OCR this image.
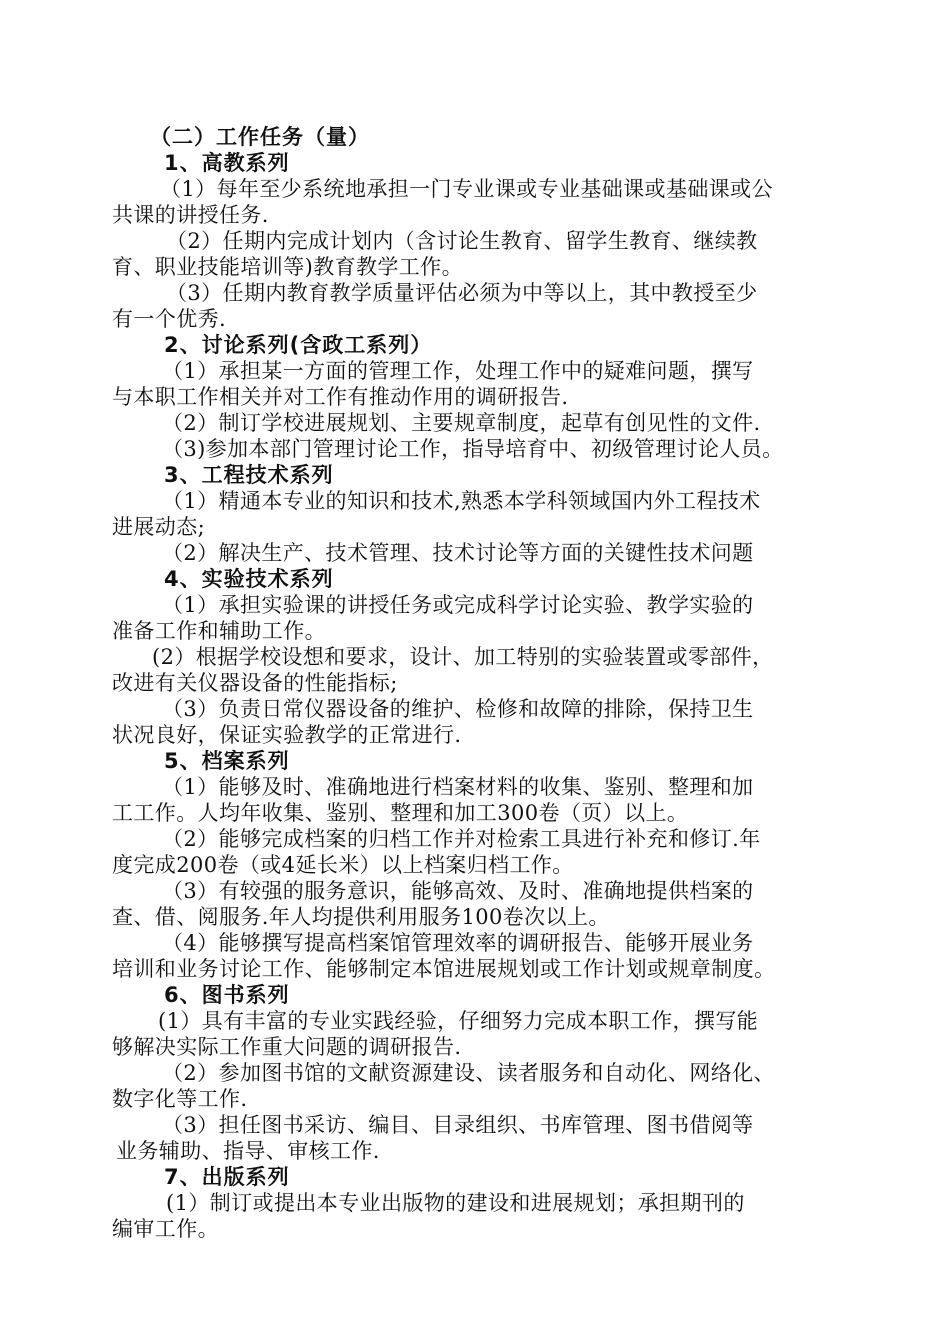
（二）工作任务（量）
1、高教系列
（1）每年至少系统地承担一门专业课或专业基础课或基础课或公
共课的讲授任务.
（2）任期内完成计划内（含讨论生教育、留学生教育、继续教
育、职业技能培训等)教育教学工作。
（3）任期内教育教学质量评估必须为中等以上，其中教授至少
有一个优秀.
2、讨论系列(含政工系列）
（1）承担某一方面的管理工作，处理工作中的疑难问题，撰写
与本职工作相关并对工作有推动作用的调研报告.
（2）制订学校进展规划、主要规章制度，起草有创见性的文件.
（3)参加本部门管理讨论工作，指导培育中、初级管理讨论人员。
3、工程技术系列
（1）精通本专业的知识和技术,熟悉本学科领域国内外工程技术
进展动态;
（2）解决生产、技术管理、技术讨论等方面的关键性技术问题
4、实验技术系列
（1）承担实验课的讲授任务或完成科学讨论实验、教学实验的
准备工作和辅助工作。
(2）根据学校设想和要求，设计、加工特别的实验装置或零部件，
改进有关仪器设备的性能指标;
（3）负责日常仪器设备的维护、检修和故障的排除，保持卫生
状况良好，保证实验教学的正常进行.
5、档案系列
（1）能够及时、准确地进行档案材料的收集、鉴别、整理和加
工工作。人均年收集、鉴别、整理和加工300卷（页）以上。
（2）能够完成档案的归档工作并对检索工具进行补充和修订.年
度完成200卷（或4延长米）以上档案归档工作。
（3）有较强的服务意识，能够高效、及时、准确地提供档案的
查、借、阅服务.年人均提供利用服务100卷次以上。
（4）能够撰写提高档案馆管理效率的调研报告、能够开展业务
培训和业务讨论工作、能够制定本馆进展规划或工作计划或规章制度。
6、图书系列
(1）具有丰富的专业实践经验，仔细努力完成本职工作，撰写能
够解决实际工作重大问题的调研报告.
（2）参加图书馆的文献资源建设、读者服务和自动化、网络化、
数字化等工作.
（3）担任图书采访、编目、目录组织、书库管理、图书借阅等
业务辅助、指导、审核工作.
7、出版系列
(1）制订或提出本专业出版物的建设和进展规划；承担期刊的
编审工作。
